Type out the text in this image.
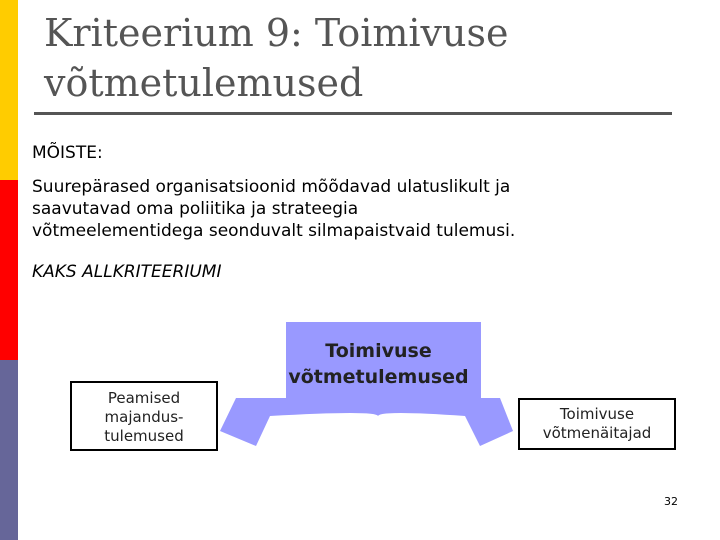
Kriteerium 9: Toimivuse
võtmetulemused

MÕISTE:

Suurepärased organisatsioonid mõõdavad ulatuslikult ja
saavutavad oma poliitika ja strateegia
võtmeelementidega seonduvalt silmapaistvaid tulemusi.

KAKS ALLKRITEERIUMI

Toimivuse
võtmetulemused
Peamised
majandus-
tulemused
Toimivuse
võtmenäitajad
32
